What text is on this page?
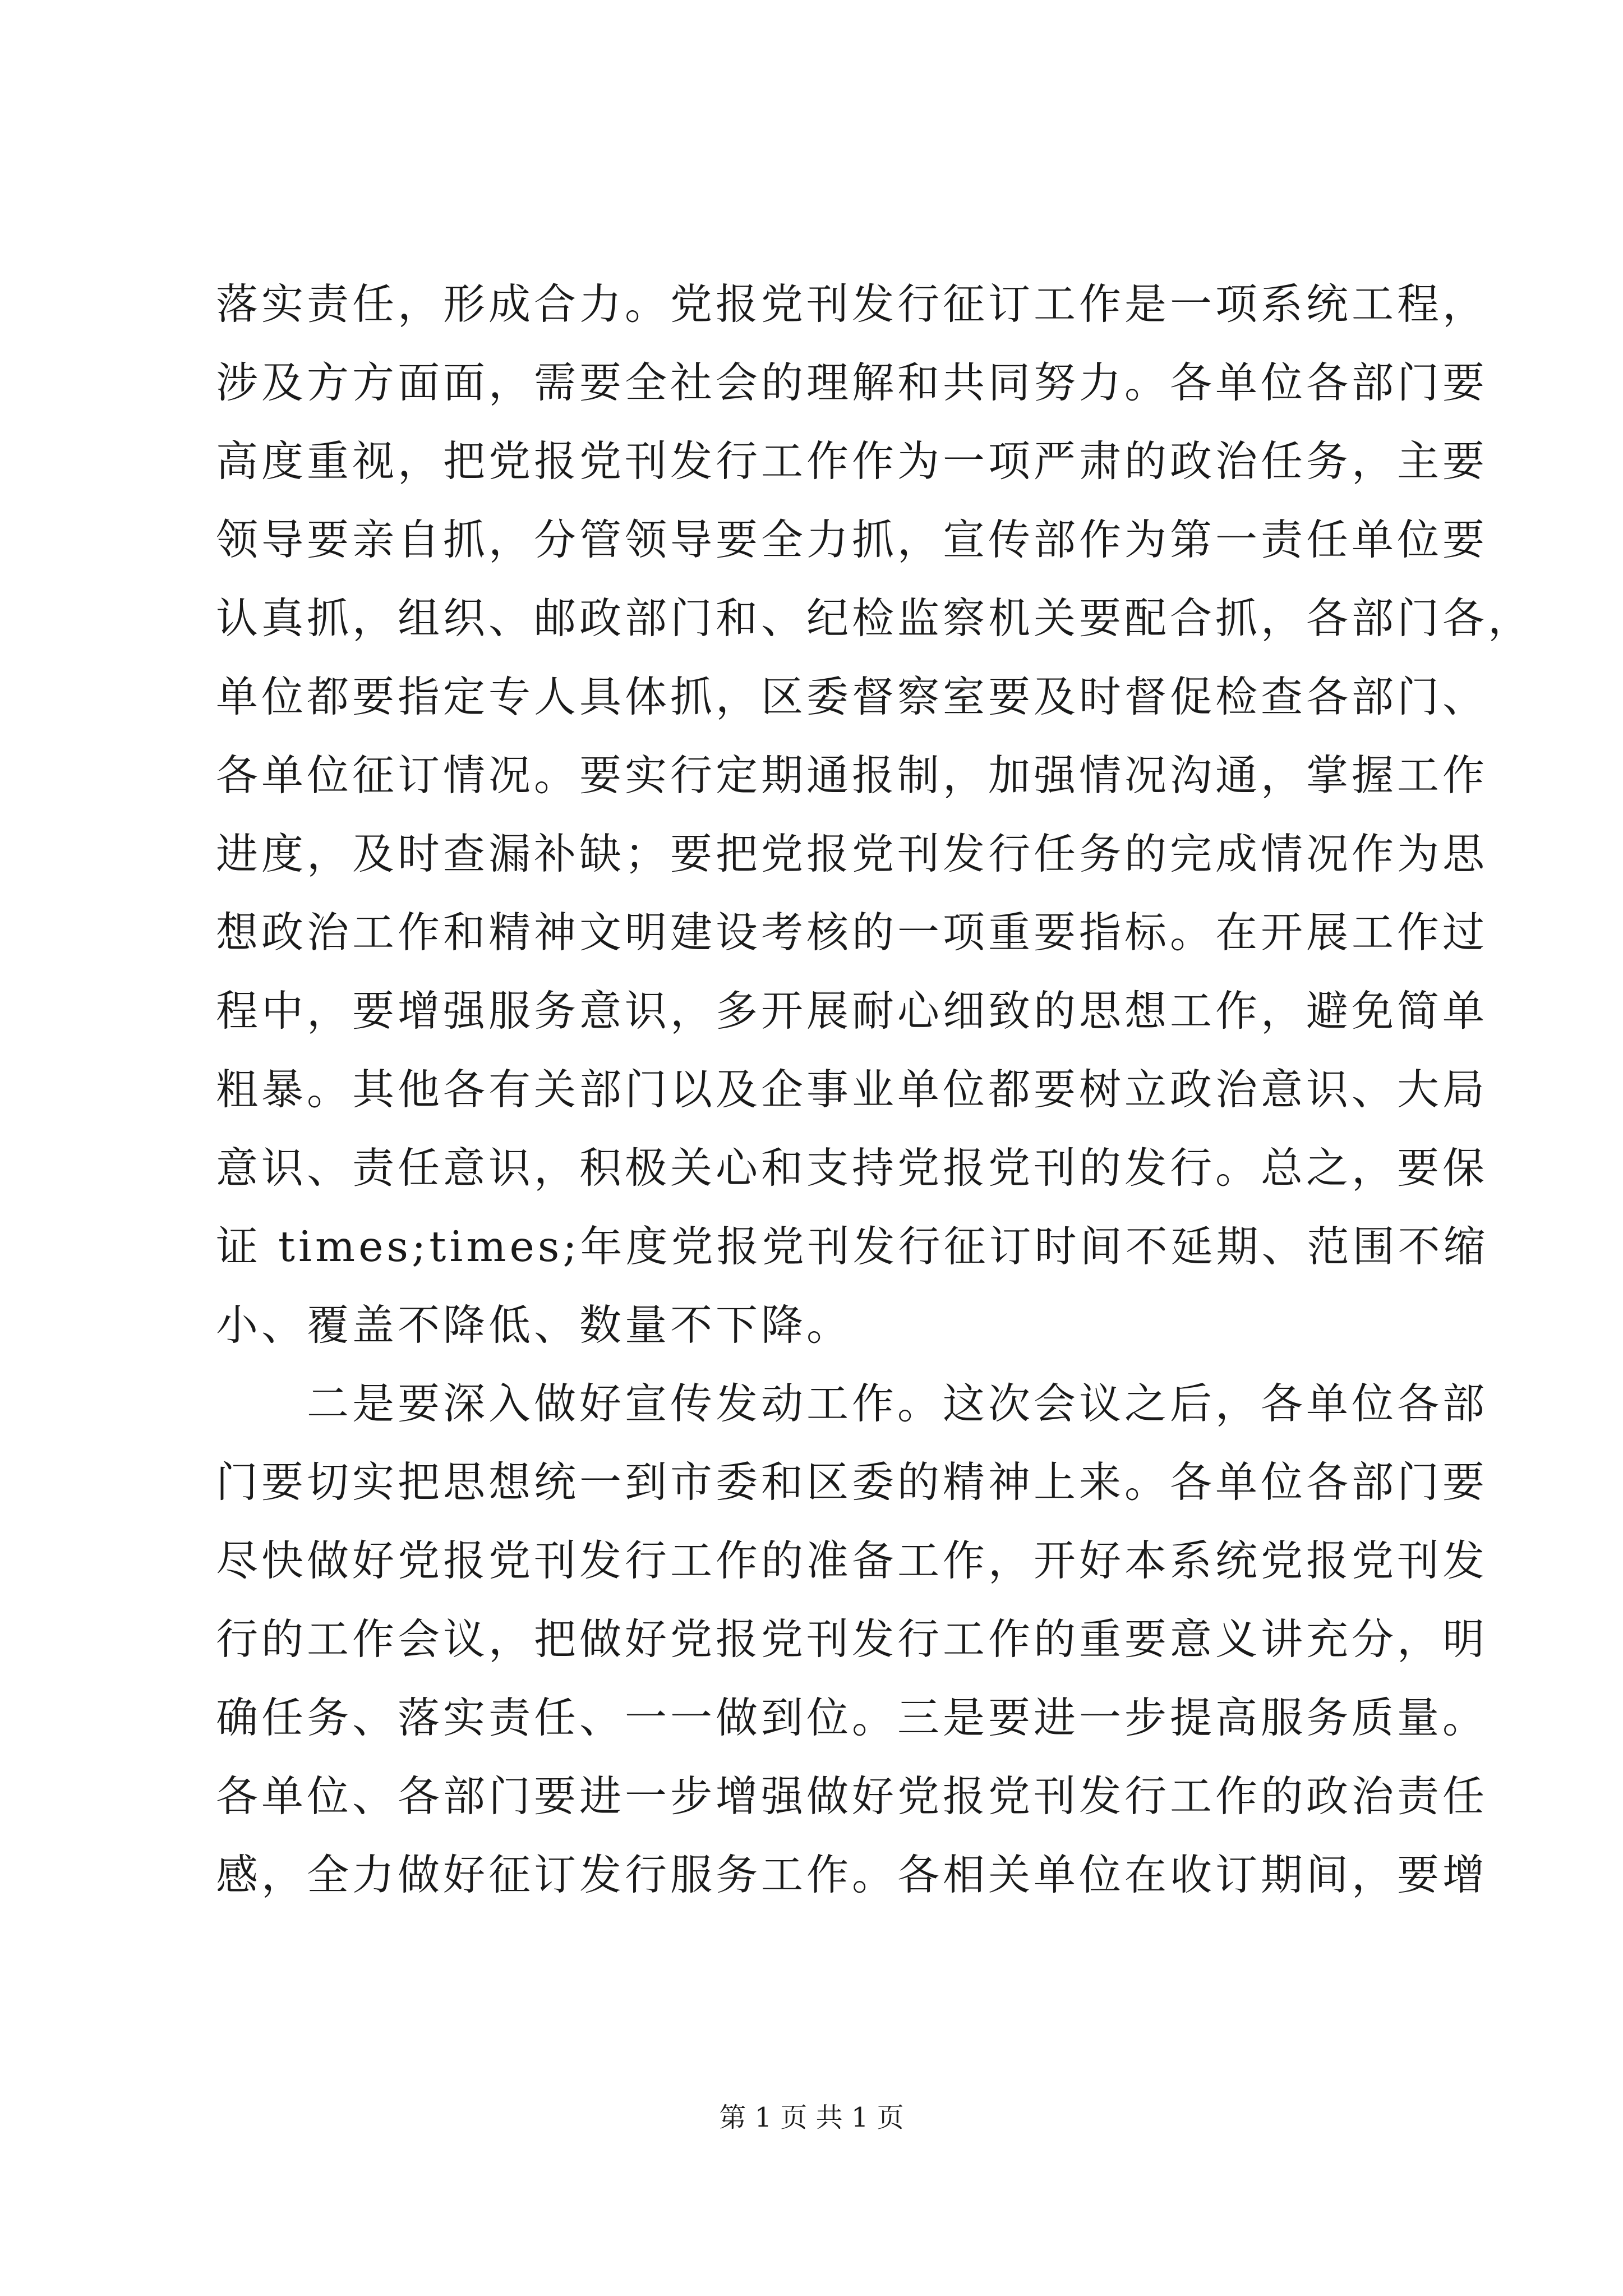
落实责任，形成合力。党报党刊发行征订工作是一项系统工程，
涉及方方面面，需要全社会的理解和共同努力。各单位各部门要
高度重视，把党报党刊发行工作作为一项严肃的政治任务，主要
领导要亲自抓，分管领导要全力抓，宣传部作为第一责任单位要
认真抓，组织、邮政部门和、纪检监察机关要配合抓，各部门各，
单位都要指定专人具体抓，区委督察室要及时督促检查各部门、
各单位征订情况。要实行定期通报制，加强情况沟通，掌握工作
进度，及时查漏补缺；要把党报党刊发行任务的完成情况作为思
想政治工作和精神文明建设考核的一项重要指标。在开展工作过
程中，要增强服务意识，多开展耐心细致的思想工作，避免简单
粗暴。其他各有关部门以及企事业单位都要树立政治意识、大局
意识、责任意识，积极关心和支持党报党刊的发行。总之，要保
证 times;times;年度党报党刊发行征订时间不延期、范围不缩
小、覆盖不降低、数量不下降。
　　二是要深入做好宣传发动工作。这次会议之后，各单位各部
门要切实把思想统一到市委和区委的精神上来。各单位各部门要
尽快做好党报党刊发行工作的准备工作，开好本系统党报党刊发
行的工作会议，把做好党报党刊发行工作的重要意义讲充分，明
确任务、落实责任、一一做到位。三是要进一步提高服务质量。
各单位、各部门要进一步增强做好党报党刊发行工作的政治责任
感，全力做好征订发行服务工作。各相关单位在收订期间，要增
第 1 页 共 1 页
